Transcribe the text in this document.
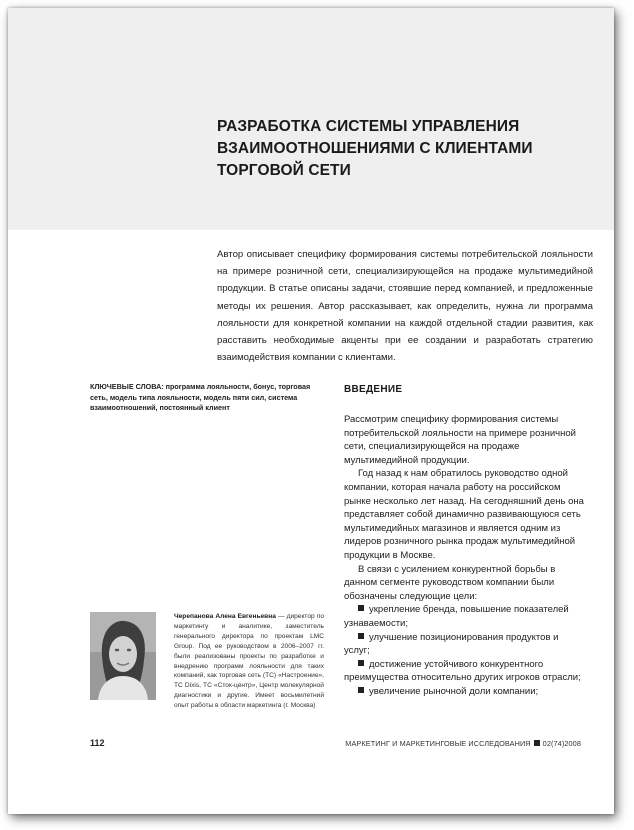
РАЗРАБОТКА СИСТЕМЫ УПРАВЛЕНИЯ ВЗАИМООТНОШЕНИЯМИ С КЛИЕНТАМИ ТОРГОВОЙ СЕТИ

Автор описывает специфику формирования системы потребительской лояльности на примере розничной сети, специализирующейся на продаже мультимедийной продукции. В статье описаны задачи, стоявшие перед компанией, и предложенные методы их решения. Автор рассказывает, как определить, нужна ли программа лояльности для конкретной компании на каждой отдельной стадии развития, как расставить необходимые акценты при ее создании и разработать стратегию взаимодействия компании с клиентами.

КЛЮЧЕВЫЕ СЛОВА: программа лояльности, бонус, торговая сеть, модель типа лояльности, модель пяти сил, система взаимоотношений, постоянный клиент

ВВЕДЕНИЕ

Рассмотрим специфику формирования системы потребительской лояльности на примере розничной сети, специализирующейся на продаже мультимедийной продукции.

Год назад к нам обратилось руководство одной компании, которая начала работу на российском рынке несколько лет назад. На сегодняшний день она представляет собой динамично развивающуюся сеть мультимедийных магазинов и является одним из лидеров розничного рынка продаж мультимедийной продукции в Москве.

В связи с усилением конкурентной борьбы в данном сегменте руководством компании были обозначены следующие цели:

укрепление бренда, повышение показателей узнаваемости;

улучшение позиционирования продуктов и услуг;

достижение устойчивого конкурентного преимущества относительно других игроков отрасли;

увеличение рыночной доли компании;

Черепанова Алена Евгеньевна — директор по маркетингу и аналитике, заместитель генерального директора по проектам LMC Group. Под ее руководством в 2006–2007 гг. были реализованы проекты по разработке и внедрению программ лояльности для таких компаний, как торговая сеть (ТС) «Настроение», ТС Dixis, ТС «Сток-центр», Центр молекулярной диагностики и другие. Имеет восьмилетний опыт работы в области маркетинга (г. Москва)

112	МАРКЕТИНГ И МАРКЕТИНГОВЫЕ ИССЛЕДОВАНИЯ 02(74)2008
